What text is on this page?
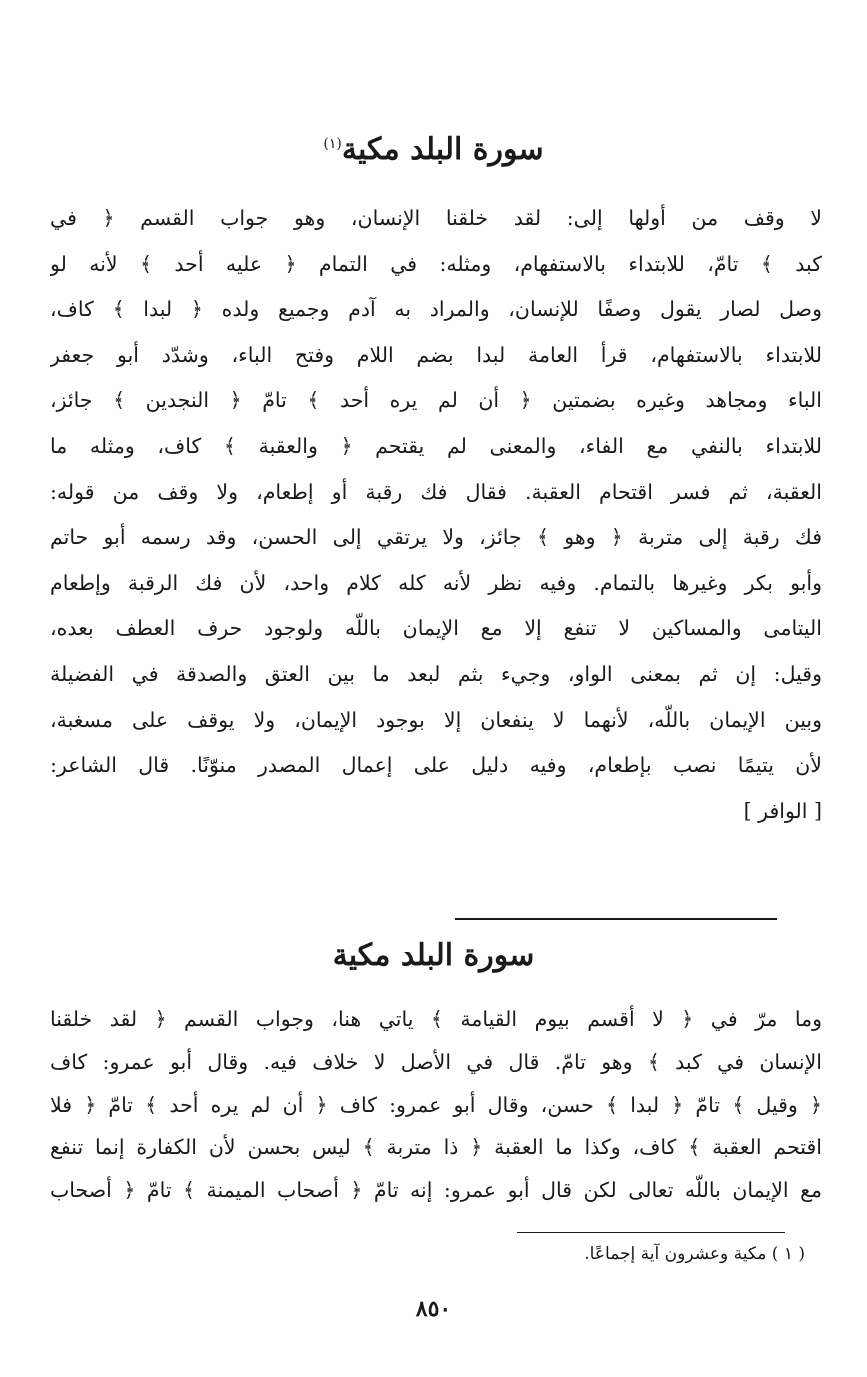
سورة البلد مكية$^{(١)}$
لا وقف من أولها إلى: لقد خلقنا الإنسان، وهو جواب القسم ﴿ في
كبد ﴾ تامّ، للابتداء بالاستفهام، ومثله: في التمام ﴿ عليه أحد ﴾ لأنه لو
وصل لصار يقول وصفًا للإنسان، والمراد به آدم وجميع ولده ﴿ لبدا ﴾ كاف،
للابتداء بالاستفهام، قرأ العامة لبدا بضم اللام وفتح الباء، وشدّد أبو جعفر
الباء ومجاهد وغيره بضمتين ﴿ أن لم يره أحد ﴾ تامّ ﴿ النجدين ﴾ جائز،
للابتداء بالنفي مع الفاء، والمعنى لم يقتحم ﴿ والعقبة ﴾ كاف، ومثله ما
العقبة، ثم فسر اقتحام العقبة. فقال فك رقبة أو إطعام، ولا وقف من قوله:
فك رقبة إلى متربة ﴿ وهو ﴾ جائز، ولا يرتقي إلى الحسن، وقد رسمه أبو حاتم
وأبو بكر وغيرها بالتمام. وفيه نظر لأنه كله كلام واحد، لأن فك الرقبة وإطعام
اليتامى والمساكين لا تنفع إلا مع الإيمان باللّه ولوجود حرف العطف بعده،
وقيل: إن ثم بمعنى الواو، وجيء بثم لبعد ما بين العتق والصدقة في الفضيلة
وبين الإيمان باللّه، لأنهما لا ينفعان إلا بوجود الإيمان، ولا يوقف على مسغبة،
لأن يتيمًا نصب بإطعام، وفيه دليل على إعمال المصدر منوّنًا. قال الشاعر:
[ الوافر ]
سورة البلد مكية
وما مرّ في ﴿ لا أقسم بيوم القيامة ﴾ ياتي هنا، وجواب القسم ﴿ لقد خلقنا
الإنسان في كبد ﴾ وهو تامّ. قال في الأصل لا خلاف فيه. وقال أبو عمرو: كاف
﴿ وقيل ﴾ تامّ ﴿ لبدا ﴾ حسن، وقال أبو عمرو: كاف ﴿ أن لم يره أحد ﴾ تامّ ﴿ فلا
اقتحم العقبة ﴾ كاف، وكذا ما العقبة ﴿ ذا متربة ﴾ ليس بحسن لأن الكفارة إنما تنفع
مع الإيمان باللّه تعالى لكن قال أبو عمرو: إنه تامّ ﴿ أصحاب الميمنة ﴾ تامّ ﴿ أصحاب
( ١ ) مكية وعشرون آية إجماعًا.
٨٥٠
